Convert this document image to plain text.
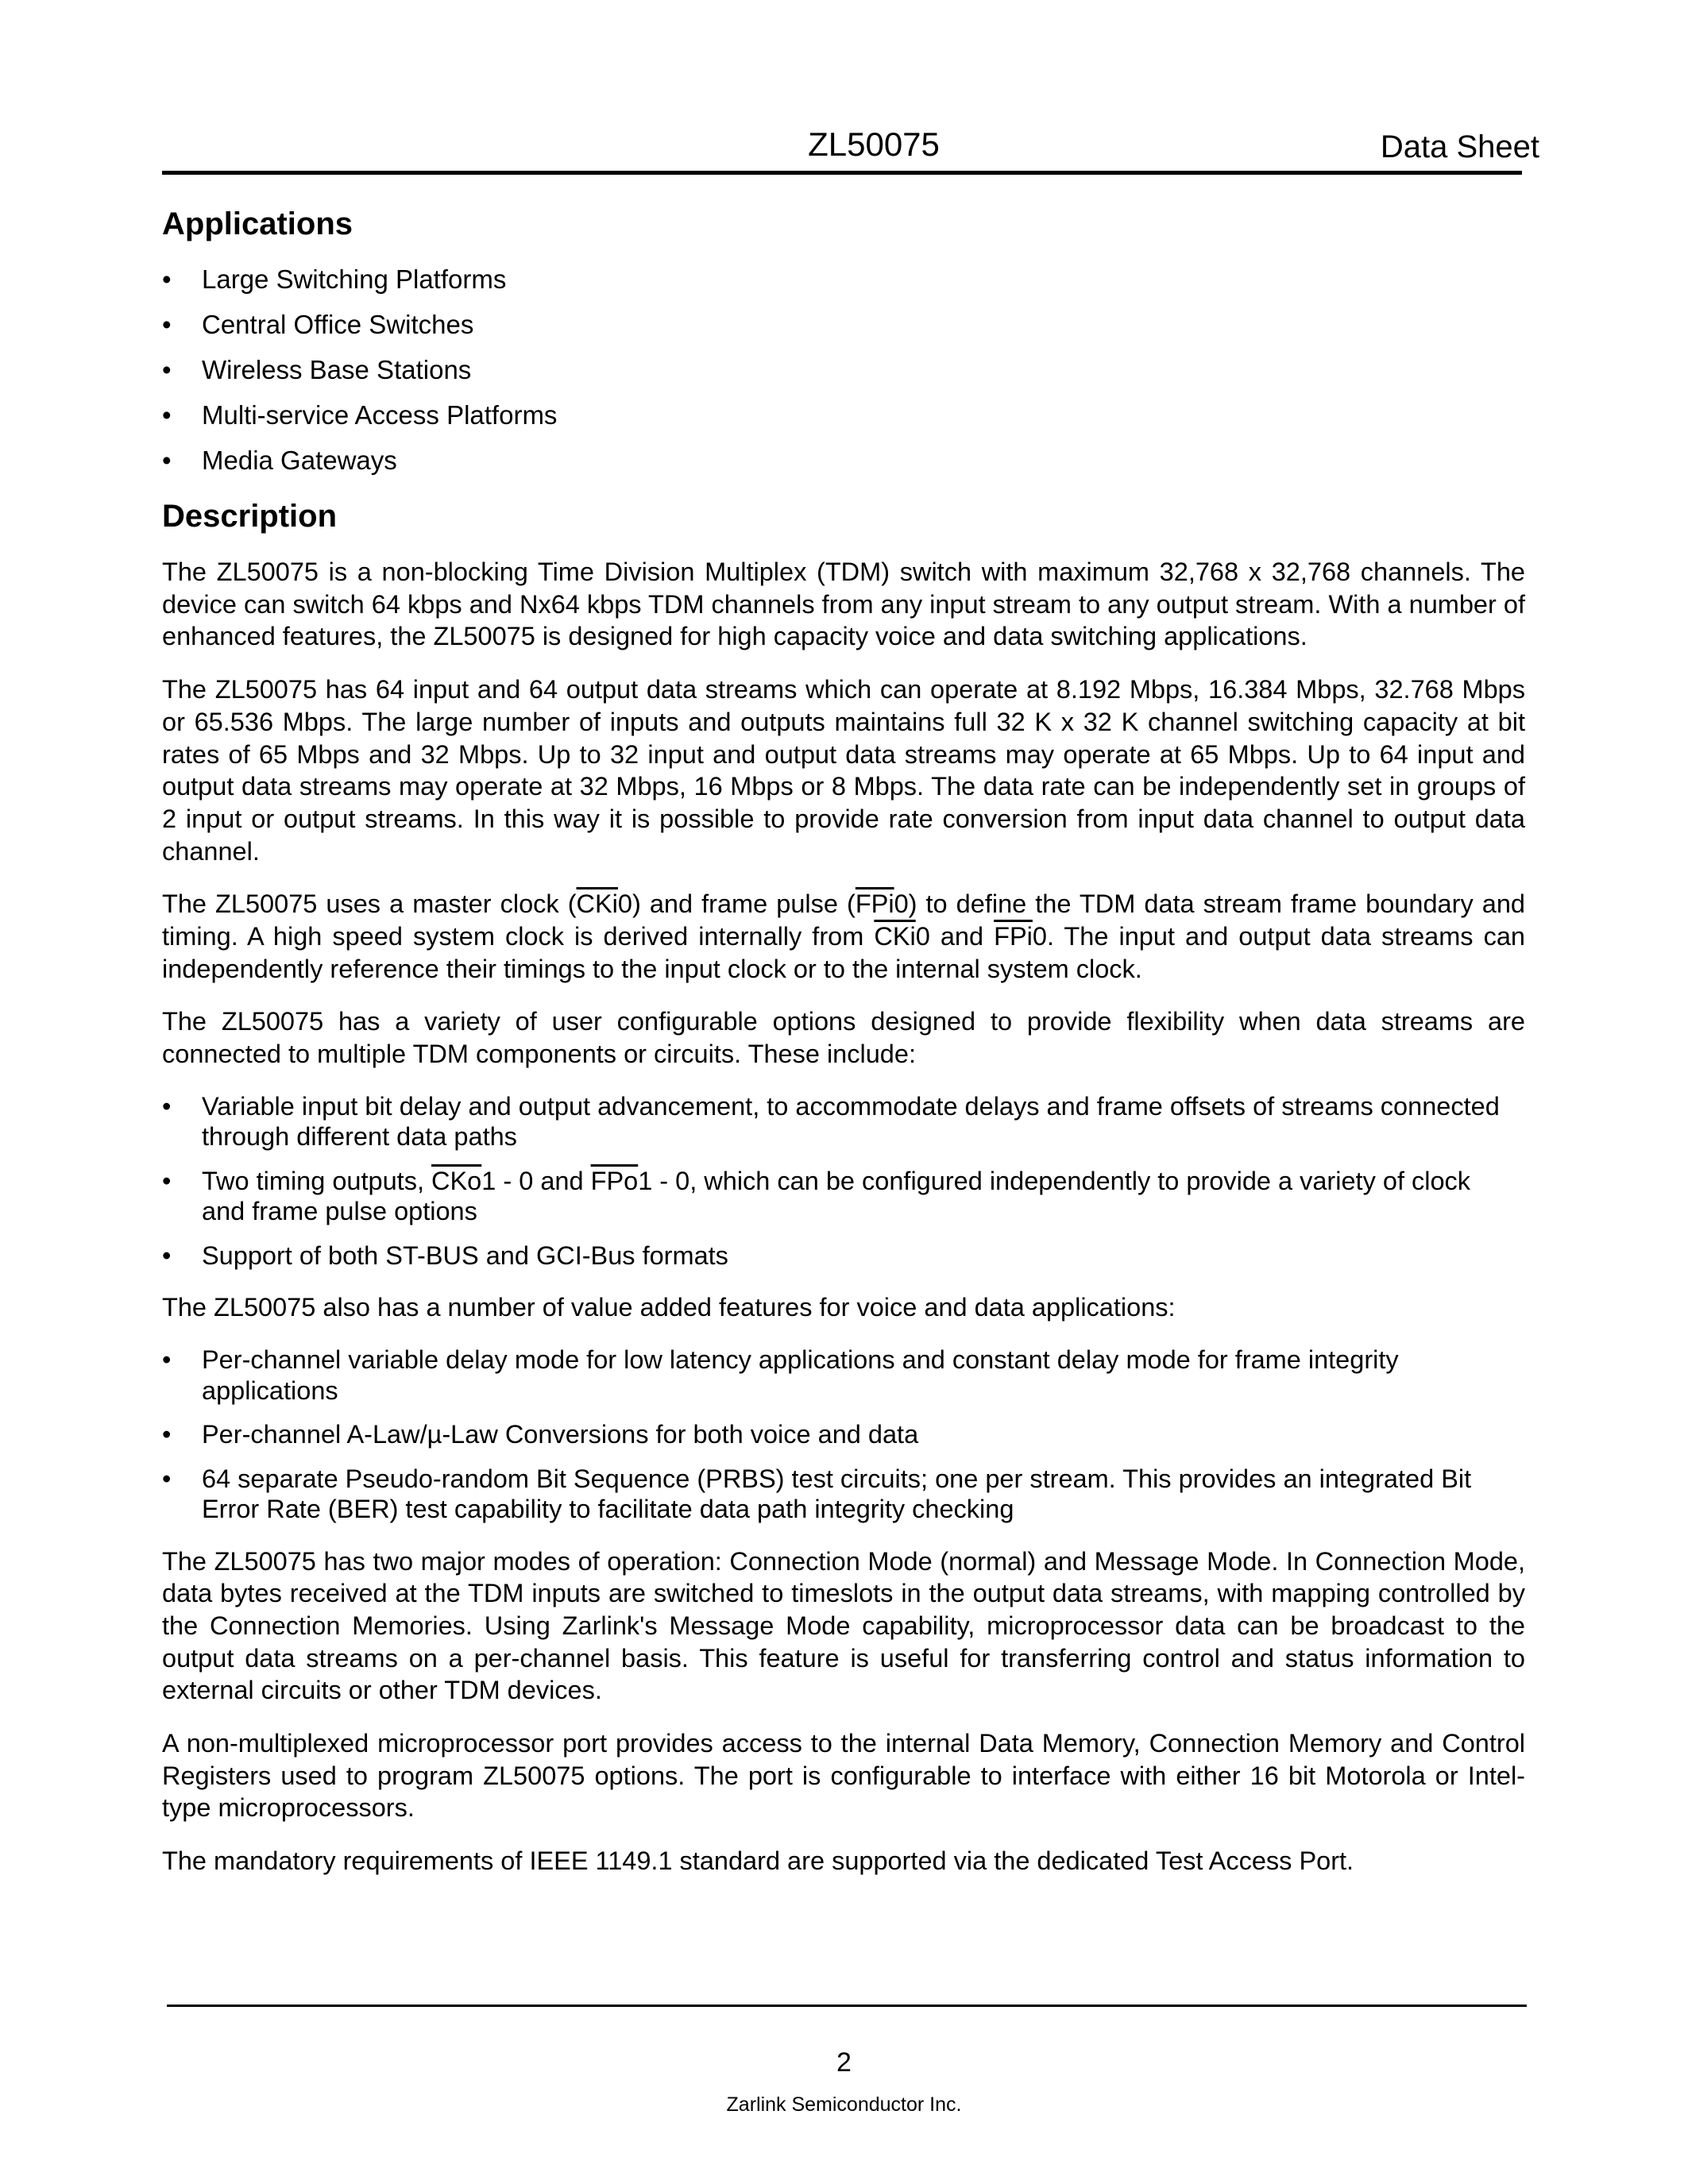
ZL50075	Data Sheet
Applications
• Large Switching Platforms
• Central Office Switches
• Wireless Base Stations
• Multi-service Access Platforms
• Media Gateways
Description

The ZL50075 is a non-blocking Time Division Multiplex (TDM) switch with maximum 32,768 x 32,768 channels. The device can switch 64 kbps and Nx64 kbps TDM channels from any input stream to any output stream. With a number of enhanced features, the ZL50075 is designed for high capacity voice and data switching applications.

The ZL50075 has 64 input and 64 output data streams which can operate at 8.192 Mbps, 16.384 Mbps, 32.768 Mbps or 65.536 Mbps. The large number of inputs and outputs maintains full 32 K x 32 K channel switching capacity at bit rates of 65 Mbps and 32 Mbps. Up to 32 input and output data streams may operate at 65 Mbps. Up to 64 input and output data streams may operate at 32 Mbps, 16 Mbps or 8 Mbps. The data rate can be independently set in groups of 2 input or output streams. In this way it is possible to provide rate conversion from input data channel to output data channel.

The ZL50075 uses a master clock $(\overline{CKi}0)$ and frame pulse $(\overline{FPi}0)$ to define the TDM data stream frame boundary and timing. A high speed system clock is derived internally from $\overline{CKi}0$ and $\overline{FPi}0$. The input and output data streams can independently reference their timings to the input clock or to the internal system clock.

The ZL50075 has a variety of user configurable options designed to provide flexibility when data streams are connected to multiple TDM components or circuits. These include:

• Variable input bit delay and output advancement, to accommodate delays and frame offsets of streams connected through different data paths
• Two timing outputs, $\overline{CKo}1 - 0$ and $\overline{FPo}1 - 0$, which can be configured independently to provide a variety of clock and frame pulse options
• Support of both ST-BUS and GCI-Bus formats

The ZL50075 also has a number of value added features for voice and data applications:

• Per-channel variable delay mode for low latency applications and constant delay mode for frame integrity applications
• Per-channel A-Law/µ-Law Conversions for both voice and data
• 64 separate Pseudo-random Bit Sequence (PRBS) test circuits; one per stream. This provides an integrated Bit Error Rate (BER) test capability to facilitate data path integrity checking

The ZL50075 has two major modes of operation: Connection Mode (normal) and Message Mode. In Connection Mode, data bytes received at the TDM inputs are switched to timeslots in the output data streams, with mapping controlled by the Connection Memories. Using Zarlink's Message Mode capability, microprocessor data can be broadcast to the output data streams on a per-channel basis. This feature is useful for transferring control and status information to external circuits or other TDM devices.

A non-multiplexed microprocessor port provides access to the internal Data Memory, Connection Memory and Control Registers used to program ZL50075 options. The port is configurable to interface with either 16 bit Motorola or Intel-type microprocessors.

The mandatory requirements of IEEE 1149.1 standard are supported via the dedicated Test Access Port.

2
Zarlink Semiconductor Inc.
